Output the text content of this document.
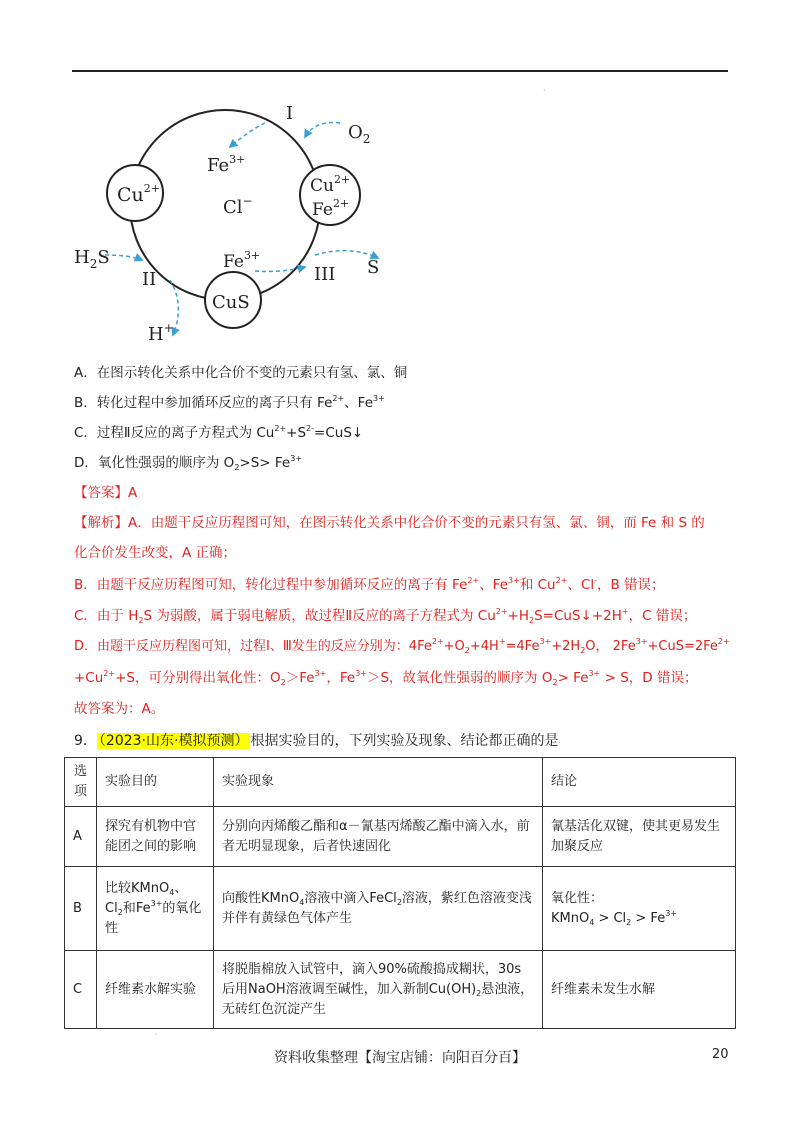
·
I
$O_2$
$Fe^{3+}$
$Cu^{2+}$	$Cu^{2+}$
$Fe^{2+}$
Cl−
$H_2S$
II
$Fe^{3+}$
III S
CuS
H+
A．在图示转化关系中化合价不变的元素只有氢、氯、铜
B．转化过程中参加循环反应的离子只有 $Fe^{2+}$、$Fe^{3+}$
C．过程Ⅱ反应的离子方程式为 $Cu^{2+}+S^{2-}=CuS↓$
D．氧化性强弱的顺序为 $O_2>S> Fe^{3+}$
【答案】A
【解析】A．由题干反应历程图可知，在图示转化关系中化合价不变的元素只有氢、氯、铜，而 Fe 和 S 的
化合价发生改变，A 正确；
B．由题干反应历程图可知，转化过程中参加循环反应的离子有 $Fe^{2+}$、$Fe^{3+}$和 $Cu^{2+}$、Cl-，B 错误；
C．由于 $H_2S$ 为弱酸，属于弱电解质，故过程Ⅱ反应的离子方程式为 $Cu^{2+}+H_2S=CuS↓+2H^+$，C 错误；
D．由题干反应历程图可知，过程Ⅰ、Ⅲ发生的反应分别为：$4Fe^{2+}+O_2+4H^+=4Fe^{3+}+2H_2O$， $2Fe^{3+}+CuS=2Fe^{2+}$
$+Cu^{2+}+S$，可分别得出氧化性：$O_2>Fe^{3+}$，$Fe^{3+}>S$，故氧化性强弱的顺序为 $O_2> Fe^{3+} > S$，D 错误；
故答案为：A。
9． （2023·山东·模拟预测） 根据实验目的，下列实验及现象、结论都正确的是
选项	实验目的	实验现象	结论
A	探究有机物中官能团之间的影响	分别向丙烯酸乙酯和α－氰基丙烯酸乙酯中滴入水，前者无明显现象，后者快速固化	氰基活化双键，使其更易发生加聚反应
B	比较KMnO$_4$、$Cl_2$和$Fe^{3+}$的氧化性	向酸性KMnO$_4$溶液中滴入FeCl$_2$溶液，紫红色溶液变浅并伴有黄绿色气体产生	氧化性：
KMnO$_4$ > $Cl_2 > Fe^{3+}$

C	纤维素水解实验	将脱脂棉放入试管中，滴入90%硫酸捣成糊状，30s后用NaOH溶液调至碱性，加入新制$Cu(OH)_2$悬浊液，无砖红色沉淀产生	纤维素未发生水解
·
资料收集整理【淘宝店铺：向阳百分百】	20
